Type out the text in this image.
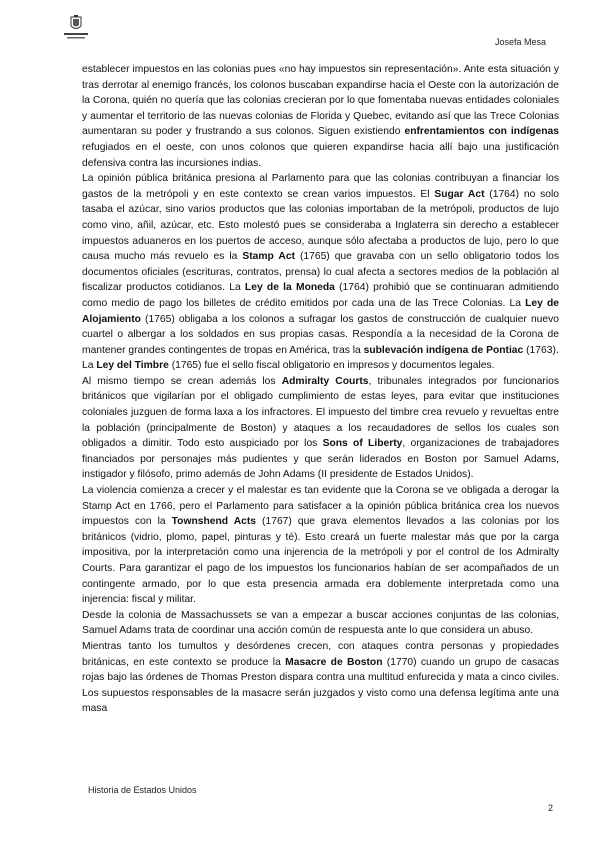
Josefa Mesa

establecer impuestos en las colonias pues «no hay impuestos sin representación». Ante esta situación y tras derrotar al enemigo francés, los colonos buscaban expandirse hacia el Oeste con la autorización de la Corona, quién no quería que las colonias crecieran por lo que fomentaba nuevas entidades coloniales y aumentar el territorio de las nuevas colonias de Florida y Quebec, evitando así que las Trece Colonias aumentaran su poder y frustrando a sus colonos. Siguen existiendo enfrentamientos con indígenas refugiados en el oeste, con unos colonos que quieren expandirse hacia allí bajo una justificación defensiva contra las incursiones indias.

La opinión pública británica presiona al Parlamento para que las colonias contribuyan a financiar los gastos de la metrópoli y en este contexto se crean varios impuestos. El Sugar Act (1764) no solo tasaba el azúcar, sino varios productos que las colonias importaban de la metrópoli, productos de lujo como vino, añil, azúcar, etc. Esto molestó pues se consideraba a Inglaterra sin derecho a establecer impuestos aduaneros en los puertos de acceso, aunque sólo afectaba a productos de lujo, pero lo que causa mucho más revuelo es la Stamp Act (1765) que gravaba con un sello obligatorio todos los documentos oficiales (escrituras, contratos, prensa) lo cual afecta a sectores medios de la población al fiscalizar productos cotidianos. La Ley de la Moneda (1764) prohibió que se continuaran admitiendo como medio de pago los billetes de crédito emitidos por cada una de las Trece Colonias. La Ley de Alojamiento (1765) obligaba a los colonos a sufragar los gastos de construcción de cualquier nuevo cuartel o albergar a los soldados en sus propias casas. Respondía a la necesidad de la Corona de mantener grandes contingentes de tropas en América, tras la sublevación indígena de Pontiac (1763).

La Ley del Timbre (1765) fue el sello fiscal obligatorio en impresos y documentos legales.

Al mismo tiempo se crean además los Admiralty Courts, tribunales integrados por funcionarios británicos que vigilarían por el obligado cumplimiento de estas leyes, para evitar que instituciones coloniales juzguen de forma laxa a los infractores. El impuesto del timbre crea revuelo y revueltas entre la población (principalmente de Boston) y ataques a los recaudadores de sellos los cuales son obligados a dimitir. Todo esto auspiciado por los Sons of Liberty, organizaciones de trabajadores financiados por personajes más pudientes y que serán liderados en Boston por Samuel Adams, instigador y filósofo, primo además de John Adams (II presidente de Estados Unidos).

La violencia comienza a crecer y el malestar es tan evidente que la Corona se ve obligada a derogar la Stamp Act en 1766, pero el Parlamento para satisfacer a la opinión pública británica crea los nuevos impuestos con la Townshend Acts (1767) que grava elementos llevados a las colonias por los británicos (vidrio, plomo, papel, pinturas y té). Esto creará un fuerte malestar más que por la carga impositiva, por la interpretación como una injerencia de la metrópoli y por el control de los Admiralty Courts. Para garantizar el pago de los impuestos los funcionarios habían de ser acompañados de un contingente armado, por lo que esta presencia armada era doblemente interpretada como una injerencia: fiscal y militar.

Desde la colonia de Massachussets se van a empezar a buscar acciones conjuntas de las colonias, Samuel Adams trata de coordinar una acción común de respuesta ante lo que considera un abuso.

Mientras tanto los tumultos y desórdenes crecen, con ataques contra personas y propiedades británicas, en este contexto se produce la Masacre de Boston (1770) cuando un grupo de casacas rojas bajo las órdenes de Thomas Preston dispara contra una multitud enfurecida y mata a cinco civiles. Los supuestos responsables de la masacre serán juzgados y visto como una defensa legítima ante una masa

Historia de Estados Unidos
2
